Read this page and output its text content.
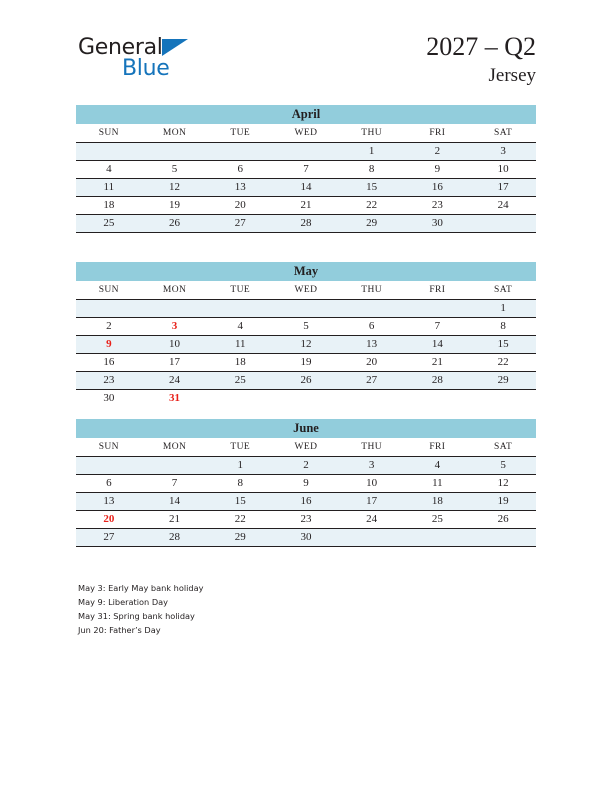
General
Blue
2027 – Q2
Jersey
April						
SUN	MON	TUE	WED	THU	FRI	SAT
				1	2	3
4	5	6	7	8	9	10
11	12	13	14	15	16	17
18	19	20	21	22	23	24
25	26	27	28	29	30	
May						
SUN	MON	TUE	WED	THU	FRI	SAT
						1
2	3	4	5	6	7	8
9	10	11	12	13	14	15
16	17	18	19	20	21	22
23	24	25	26	27	28	29
30	31					
June						
SUN	MON	TUE	WED	THU	FRI	SAT
		1	2	3	4	5
6	7	8	9	10	11	12
13	14	15	16	17	18	19
20	21	22	23	24	25	26
27	28	29	30			
May 3: Early May bank holiday
May 9: Liberation Day
May 31: Spring bank holiday
Jun 20: Father’s Day
